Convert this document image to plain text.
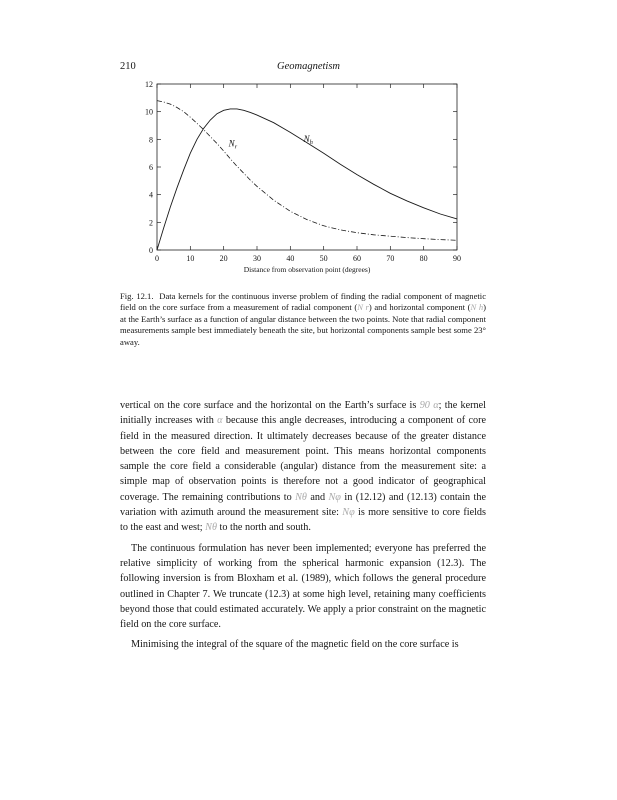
210	Geomagnetism
0	10	20	30	40	50	60	70	80	90
0
2
4
6
8
10
12
Distance from observation point (degrees)
$N_r$
$N_h$
Fig. 12.1. Data kernels for the continuous inverse problem of finding the radial component of magnetic field on the core surface from a measurement of radial component (N r) and horizontal component (N h) at the Earth’s surface as a function of angular distance between the two points. Note that radial component measurements sample best immediately beneath the site, but horizontal components sample best some 23° away.

vertical on the core surface and the horizontal on the Earth’s surface is 90 α; the kernel initially increases with α because this angle decreases, introducing a component of core field in the measured direction. It ultimately decreases because of the greater distance between the core field and measurement point. This means horizontal components sample the core field a considerable (angular) distance from the measurement site: a simple map of observation points is therefore not a good indicator of geographical coverage. The remaining contributions to Nθ and Nφ in (12.12) and (12.13) contain the variation with azimuth around the measurement site: Nφ is more sensitive to core fields to the east and west; Nθ to the north and south.

The continuous formulation has never been implemented; everyone has preferred the relative simplicity of working from the spherical harmonic expansion (12.3). The following inversion is from Bloxham et al. (1989), which follows the general procedure outlined in Chapter 7. We truncate (12.3) at some high level, retaining many coefficients beyond those that could estimated accurately. We apply a prior constraint on the magnetic field on the core surface.

Minimising the integral of the square of the magnetic field on the core surface is
